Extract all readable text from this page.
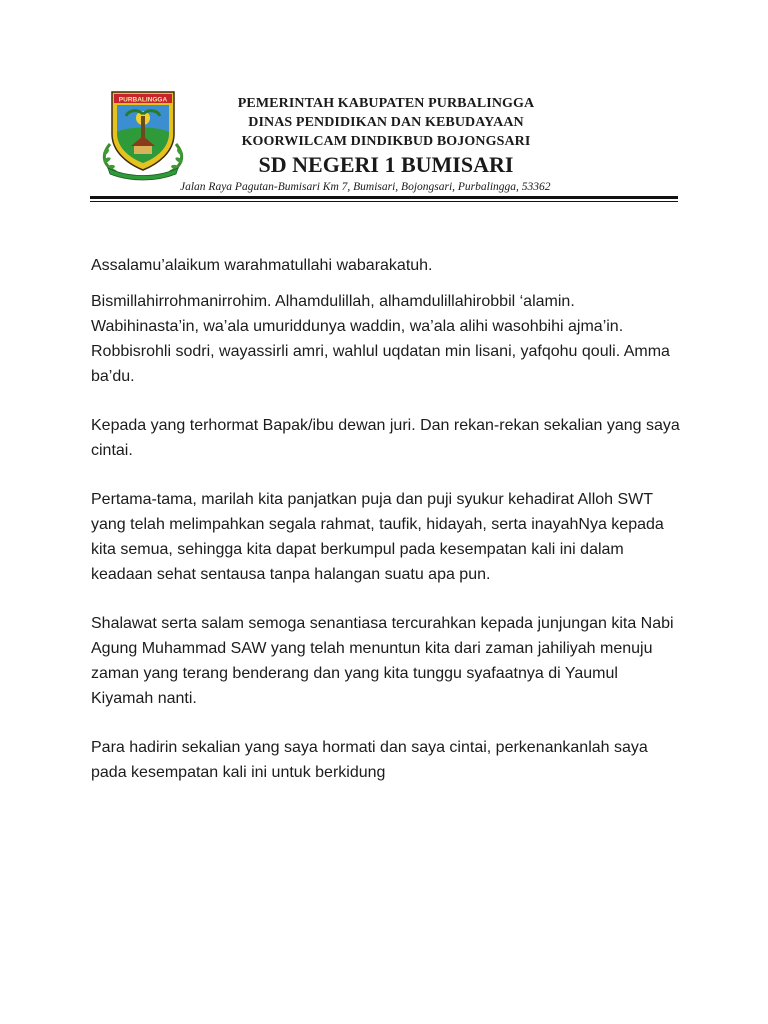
PURBALINGGA	PEMERINTAH KABUPATEN PURBALINGGA
DINAS PENDIDIKAN DAN KEBUDAYAAN
KOORWILCAM DINDIKBUD BOJONGSARI
SD NEGERI 1 BUMISARI
Jalan Raya Pagutan-Bumisari Km 7, Bumisari, Bojongsari, Purbalingga, 53362

Assalamu’alaikum warahmatullahi wabarakatuh.

Bismillahirrohmanirrohim. Alhamdulillah, alhamdulillahirobbil ‘alamin. Wabihinasta’in, wa’ala umuriddunya waddin, wa’ala alihi wasohbihi ajma’in. Robbisrohli sodri, wayassirli amri, wahlul uqdatan min lisani, yafqohu qouli. Amma ba’du.

Kepada yang terhormat Bapak/ibu dewan juri. Dan rekan-rekan sekalian yang saya cintai.

Pertama-tama, marilah kita panjatkan puja dan puji syukur kehadirat Alloh SWT yang telah melimpahkan segala rahmat, taufik, hidayah, serta inayahNya kepada kita semua, sehingga kita dapat berkumpul pada kesempatan kali ini dalam keadaan sehat sentausa tanpa halangan suatu apa pun.

Shalawat serta salam semoga senantiasa tercurahkan kepada junjungan kita Nabi Agung Muhammad SAW yang telah menuntun kita dari zaman jahiliyah menuju zaman yang terang benderang dan yang kita tunggu syafaatnya di Yaumul Kiyamah nanti.

Para hadirin sekalian yang saya hormati dan saya cintai, perkenankanlah saya pada kesempatan kali ini untuk berkidung
